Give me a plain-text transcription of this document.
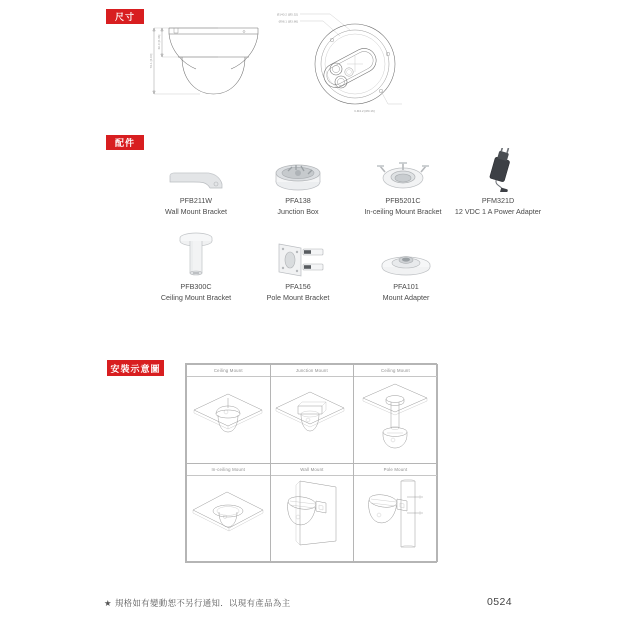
尺寸
76.1 [3.00]
60.0 [2.36]
Ø140.2 [Ø5.52]
Ø98.1 [Ø3.86]
3-M4.2 [Ø0.16]
配件
PFB211W
Wall Mount Bracket
PFA138
Junction Box
PFB5201C
In-ceiling Mount Bracket
PFM321D
12 VDC 1 A Power Adapter
PFB300C
Ceiling Mount Bracket
PFA156
Pole Mount Bracket
PFA101
Mount Adapter
安裝示意圖	Ceiling Mount	Junction Mount	Ceiling Mount

In-ceiling Mount	Wall Mount	Pole Mount
★ 規格如有變動恕不另行通知．以現有產品為主	0524
